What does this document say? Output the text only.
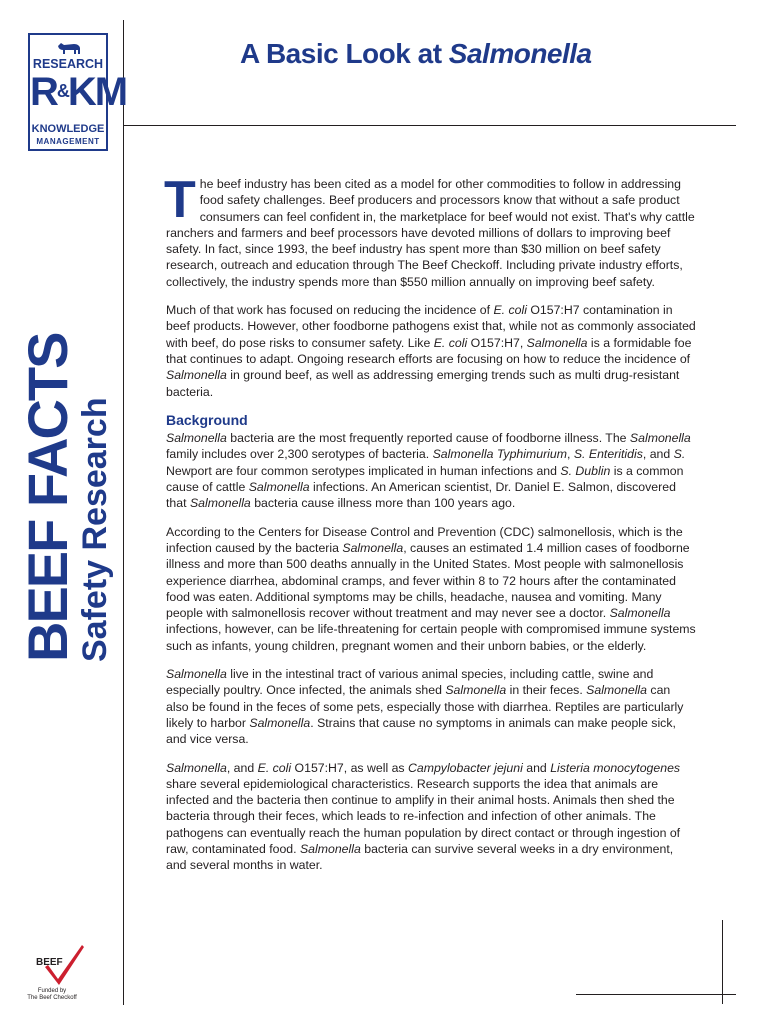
RESEARCH
R&KM
KNOWLEDGE
MANAGEMENT
A Basic Look at Salmonella
BEEF FACTS
Safety Research

The beef industry has been cited as a model for other commodities to follow in addressing food safety challenges. Beef producers and processors know that without a safe product consumers can feel confident in, the marketplace for beef would not exist. That's why cattle ranchers and farmers and beef processors have devoted millions of dollars to improving beef safety. In fact, since 1993, the beef industry has spent more than $30 million on beef safety research, outreach and education through The Beef Checkoff. Including private industry efforts, collectively, the industry spends more than $550 million annually on improving beef safety.

Much of that work has focused on reducing the incidence of E. coli O157:H7 contamination in beef products. However, other foodborne pathogens exist that, while not as commonly associated with beef, do pose risks to consumer safety. Like E. coli O157:H7, Salmonella is a formidable foe that continues to adapt. Ongoing research efforts are focusing on how to reduce the incidence of Salmonella in ground beef, as well as addressing emerging trends such as multi drug-resistant bacteria.

Background

Salmonella bacteria are the most frequently reported cause of foodborne illness. The Salmonella family includes over 2,300 serotypes of bacteria. Salmonella Typhimurium, S. Enteritidis, and S. Newport are four common serotypes implicated in human infections and S. Dublin is a common cause of cattle Salmonella infections. An American scientist, Dr. Daniel E. Salmon, discovered that Salmonella bacteria cause illness more than 100 years ago.

According to the Centers for Disease Control and Prevention (CDC) salmonellosis, which is the infection caused by the bacteria Salmonella, causes an estimated 1.4 million cases of foodborne illness and more than 500 deaths annually in the United States. Most people with salmonellosis experience diarrhea, abdominal cramps, and fever within 8 to 72 hours after the contaminated food was eaten. Additional symptoms may be chills, headache, nausea and vomiting. Many people with salmonellosis recover without treatment and may never see a doctor. Salmonella infections, however, can be life-threatening for certain people with compromised immune systems such as infants, young children, pregnant women and their unborn babies, or the elderly.

Salmonella live in the intestinal tract of various animal species, including cattle, swine and especially poultry. Once infected, the animals shed Salmonella in their feces. Salmonella can also be found in the feces of some pets, especially those with diarrhea. Reptiles are particularly likely to harbor Salmonella. Strains that cause no symptoms in animals can make people sick, and vice versa.

Salmonella, and E. coli O157:H7, as well as Campylobacter jejuni and Listeria monocytogenes share several epidemiological characteristics. Research supports the idea that animals are infected and the bacteria then continue to amplify in their animal hosts. Animals then shed the bacteria through their feces, which leads to re-infection and infection of other animals. The pathogens can eventually reach the human population by direct contact or through ingestion of raw, contaminated food. Salmonella bacteria can survive several weeks in a dry environment, and several months in water.

BEEF
Funded by
The Beef Checkoff
